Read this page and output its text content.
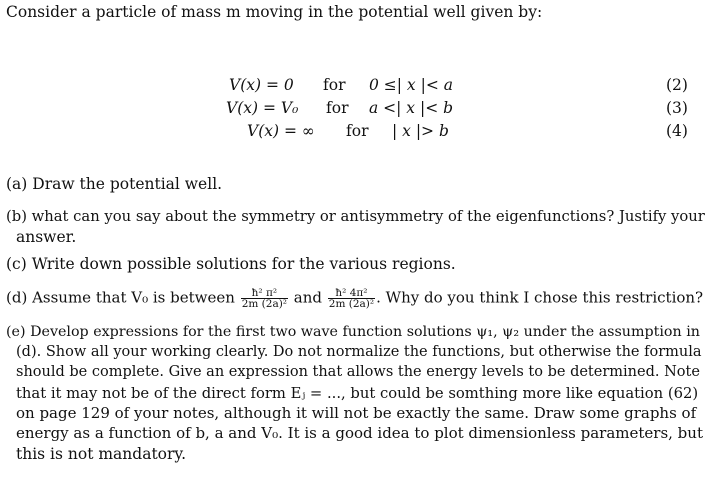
Consider a particle of mass m moving in the potential well given by:
V(x) = 0 for 0 ≤| x |< a	(2)
V(x) = V₀ for a <| x |< b	(3)
V(x) = ∞ for | x |> b	(4)
(a) Draw the potential well.
(b) what can you say about the symmetry or antisymmetry of the eigenfunctions? Justify your
answer.
(c) Write down possible solutions for the various regions.
(d) Assume that V₀ is between $\frac{\text{ħ² π²}}{\text{2m (2a)²}}$ and $\frac{\text{ħ² 4π²}}{\text{2m (2a)²}}$ . Why do you think I chose this restriction?
(e) Develop expressions for the first two wave function solutions ψ₁, ψ₂ under the assumption in
(d). Show all your working clearly. Do not normalize the functions, but otherwise the formula
should be complete. Give an expression that allows the energy levels to be determined. Note
that it may not be of the direct form Eⱼ = ..., but could be somthing more like equation (62)
on page 129 of your notes, although it will not be exactly the same. Draw some graphs of
energy as a function of b, a and V₀. It is a good idea to plot dimensionless parameters, but
this is not mandatory.
